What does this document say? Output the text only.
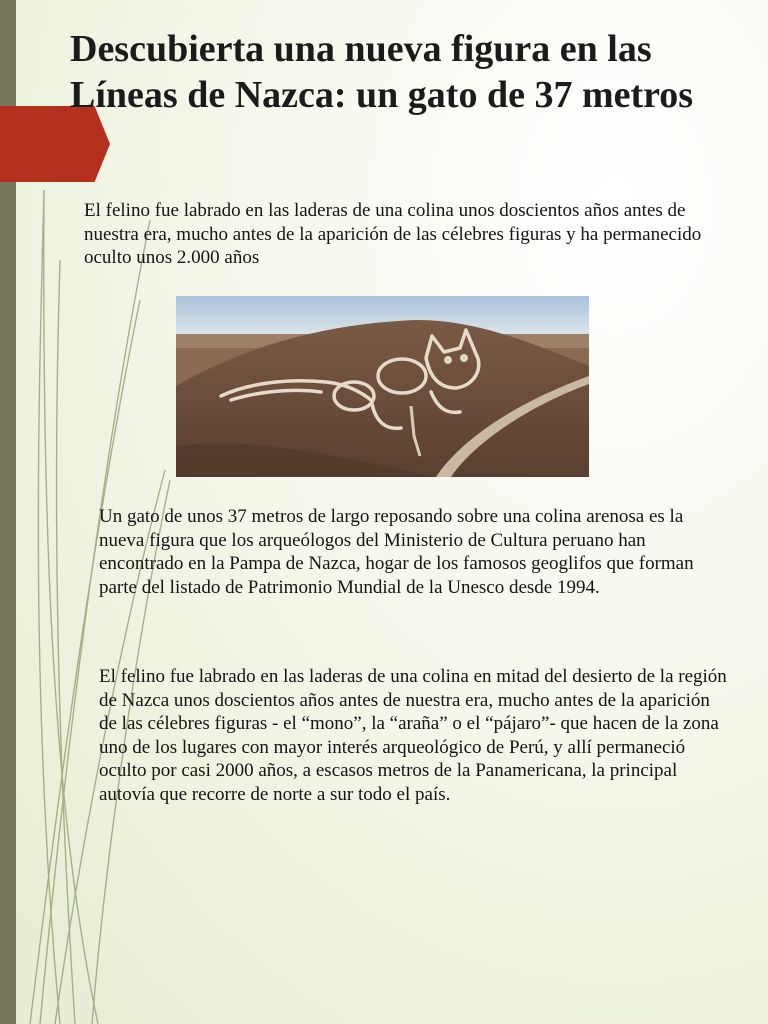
Descubierta una nueva figura en las Líneas de Nazca: un gato de 37 metros

El felino fue labrado en las laderas de una colina unos doscientos años antes de nuestra era, mucho antes de la aparición de las célebres figuras y ha permanecido oculto unos 2.000 años

Un gato de unos 37 metros de largo reposando sobre una colina arenosa es la nueva figura que los arqueólogos del Ministerio de Cultura peruano han encontrado en la Pampa de Nazca, hogar de los famosos geoglifos que forman parte del listado de Patrimonio Mundial de la Unesco desde 1994.

El felino fue labrado en las laderas de una colina en mitad del desierto de la región de Nazca unos doscientos años antes de nuestra era, mucho antes de la aparición de las célebres figuras - el “mono”, la “araña” o el “pájaro”- que hacen de la zona uno de los lugares con mayor interés arqueológico de Perú, y allí permaneció oculto por casi 2000 años, a escasos metros de la Panamericana, la principal autovía que recorre de norte a sur todo el país.
